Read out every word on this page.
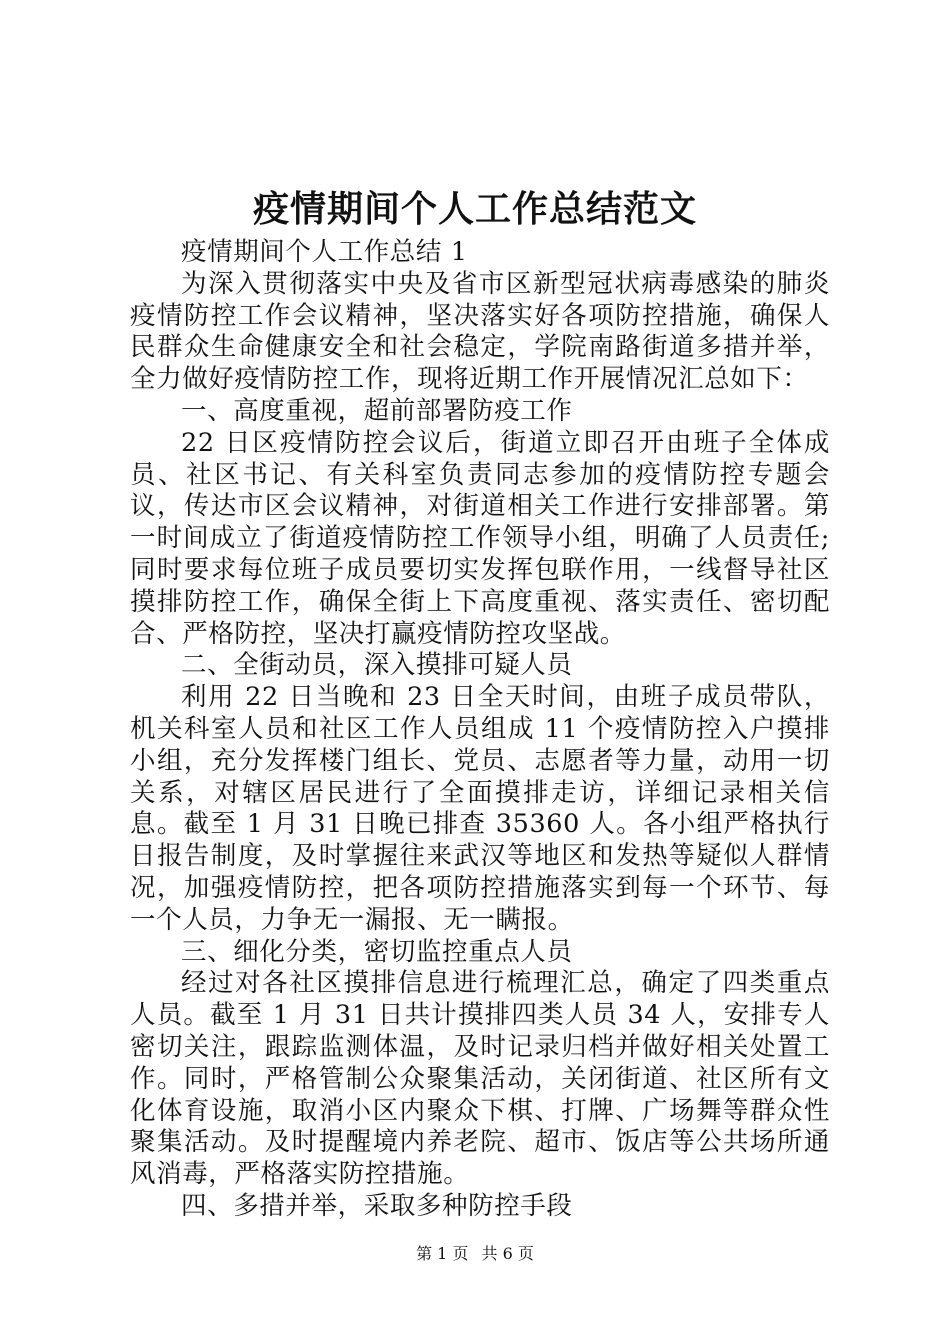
疫情期间个人工作总结范文

疫情期间个人工作总结 1

为深入贯彻落实中央及省市区新型冠状病毒感染的肺炎疫情防控工作会议精神，坚决落实好各项防控措施，确保人民群众生命健康安全和社会稳定，学院南路街道多措并举，全力做好疫情防控工作，现将近期工作开展情况汇总如下：

一、高度重视，超前部署防疫工作

22 日区疫情防控会议后，街道立即召开由班子全体成员、社区书记、有关科室负责同志参加的疫情防控专题会议，传达市区会议精神，对街道相关工作进行安排部署。第一时间成立了街道疫情防控工作领导小组，明确了人员责任;同时要求每位班子成员要切实发挥包联作用，一线督导社区摸排防控工作，确保全街上下高度重视、落实责任、密切配合、严格防控，坚决打赢疫情防控攻坚战。

二、全街动员，深入摸排可疑人员

利用 22 日当晚和 23 日全天时间，由班子成员带队，机关科室人员和社区工作人员组成 11 个疫情防控入户摸排小组，充分发挥楼门组长、党员、志愿者等力量，动用一切关系，对辖区居民进行了全面摸排走访，详细记录相关信息。截至 1 月 31 日晚已排查 35360 人。各小组严格执行日报告制度，及时掌握往来武汉等地区和发热等疑似人群情况，加强疫情防控，把各项防控措施落实到每一个环节、每一个人员，力争无一漏报、无一瞒报。

三、细化分类，密切监控重点人员

经过对各社区摸排信息进行梳理汇总，确定了四类重点人员。截至 1 月 31 日共计摸排四类人员 34 人，安排专人密切关注，跟踪监测体温，及时记录归档并做好相关处置工作。同时，严格管制公众聚集活动，关闭街道、社区所有文化体育设施，取消小区内聚众下棋、打牌、广场舞等群众性聚集活动。及时提醒境内养老院、超市、饭店等公共场所通风消毒，严格落实防控措施。

四、多措并举，采取多种防控手段

第 1 页 共 6 页
